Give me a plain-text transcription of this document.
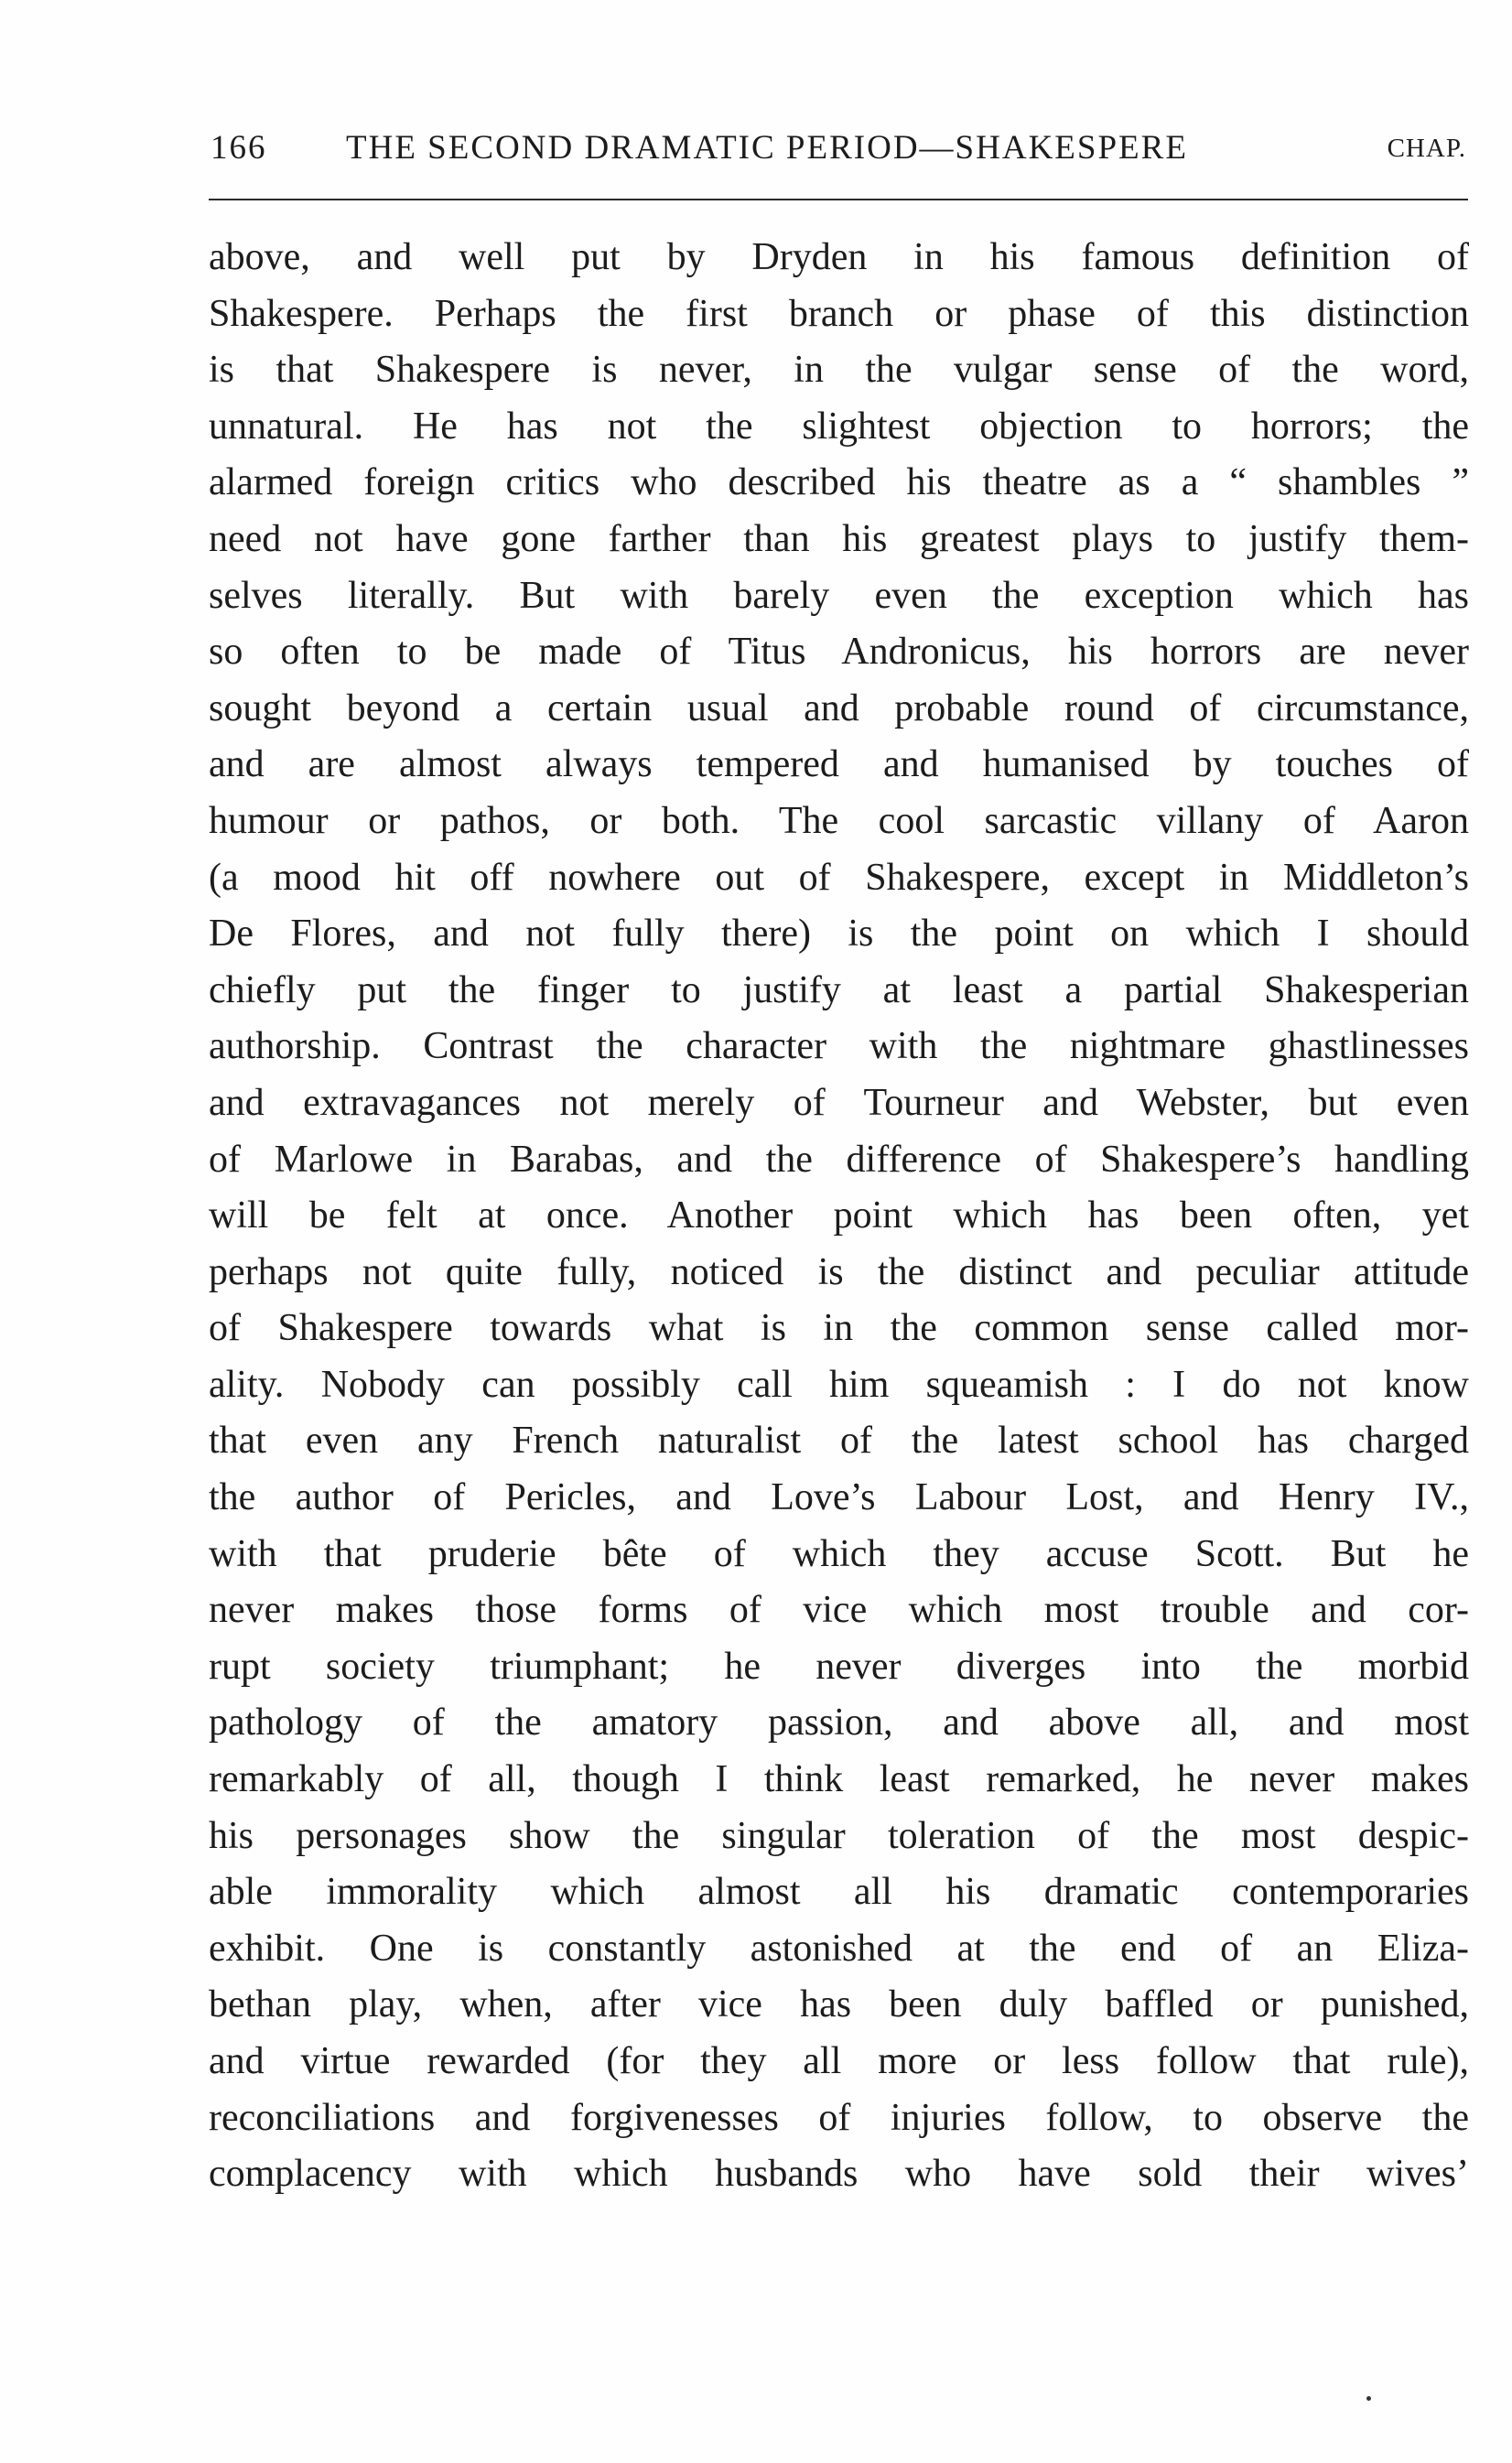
166 THE SECOND DRAMATIC PERIOD—SHAKESPERE	CHAP.
above, and well put by Dryden in his famous definition of
Shakespere. Perhaps the first branch or phase of this distinction
is that Shakespere is never, in the vulgar sense of the word,
unnatural. He has not the slightest objection to horrors; the
alarmed foreign critics who described his theatre as a “ shambles ”
need not have gone farther than his greatest plays to justify them-
selves literally. But with barely even the exception which has
so often to be made of Titus Andronicus, his horrors are never
sought beyond a certain usual and probable round of circumstance,
and are almost always tempered and humanised by touches of
humour or pathos, or both. The cool sarcastic villany of Aaron
(a mood hit off nowhere out of Shakespere, except in Middleton’s
De Flores, and not fully there) is the point on which I should
chiefly put the finger to justify at least a partial Shakesperian
authorship. Contrast the character with the nightmare ghastlinesses
and extravagances not merely of Tourneur and Webster, but even
of Marlowe in Barabas, and the difference of Shakespere’s handling
will be felt at once. Another point which has been often, yet
perhaps not quite fully, noticed is the distinct and peculiar attitude
of Shakespere towards what is in the common sense called mor-
ality. Nobody can possibly call him squeamish : I do not know
that even any French naturalist of the latest school has charged
the author of Pericles, and Love’s Labour Lost, and Henry IV.,
with that pruderie bête of which they accuse Scott. But he
never makes those forms of vice which most trouble and cor-
rupt society triumphant; he never diverges into the morbid
pathology of the amatory passion, and above all, and most
remarkably of all, though I think least remarked, he never makes
his personages show the singular toleration of the most despic-
able immorality which almost all his dramatic contemporaries
exhibit. One is constantly astonished at the end of an Eliza-
bethan play, when, after vice has been duly baffled or punished,
and virtue rewarded (for they all more or less follow that rule),
reconciliations and forgivenesses of injuries follow, to observe the
complacency with which husbands who have sold their wives’
